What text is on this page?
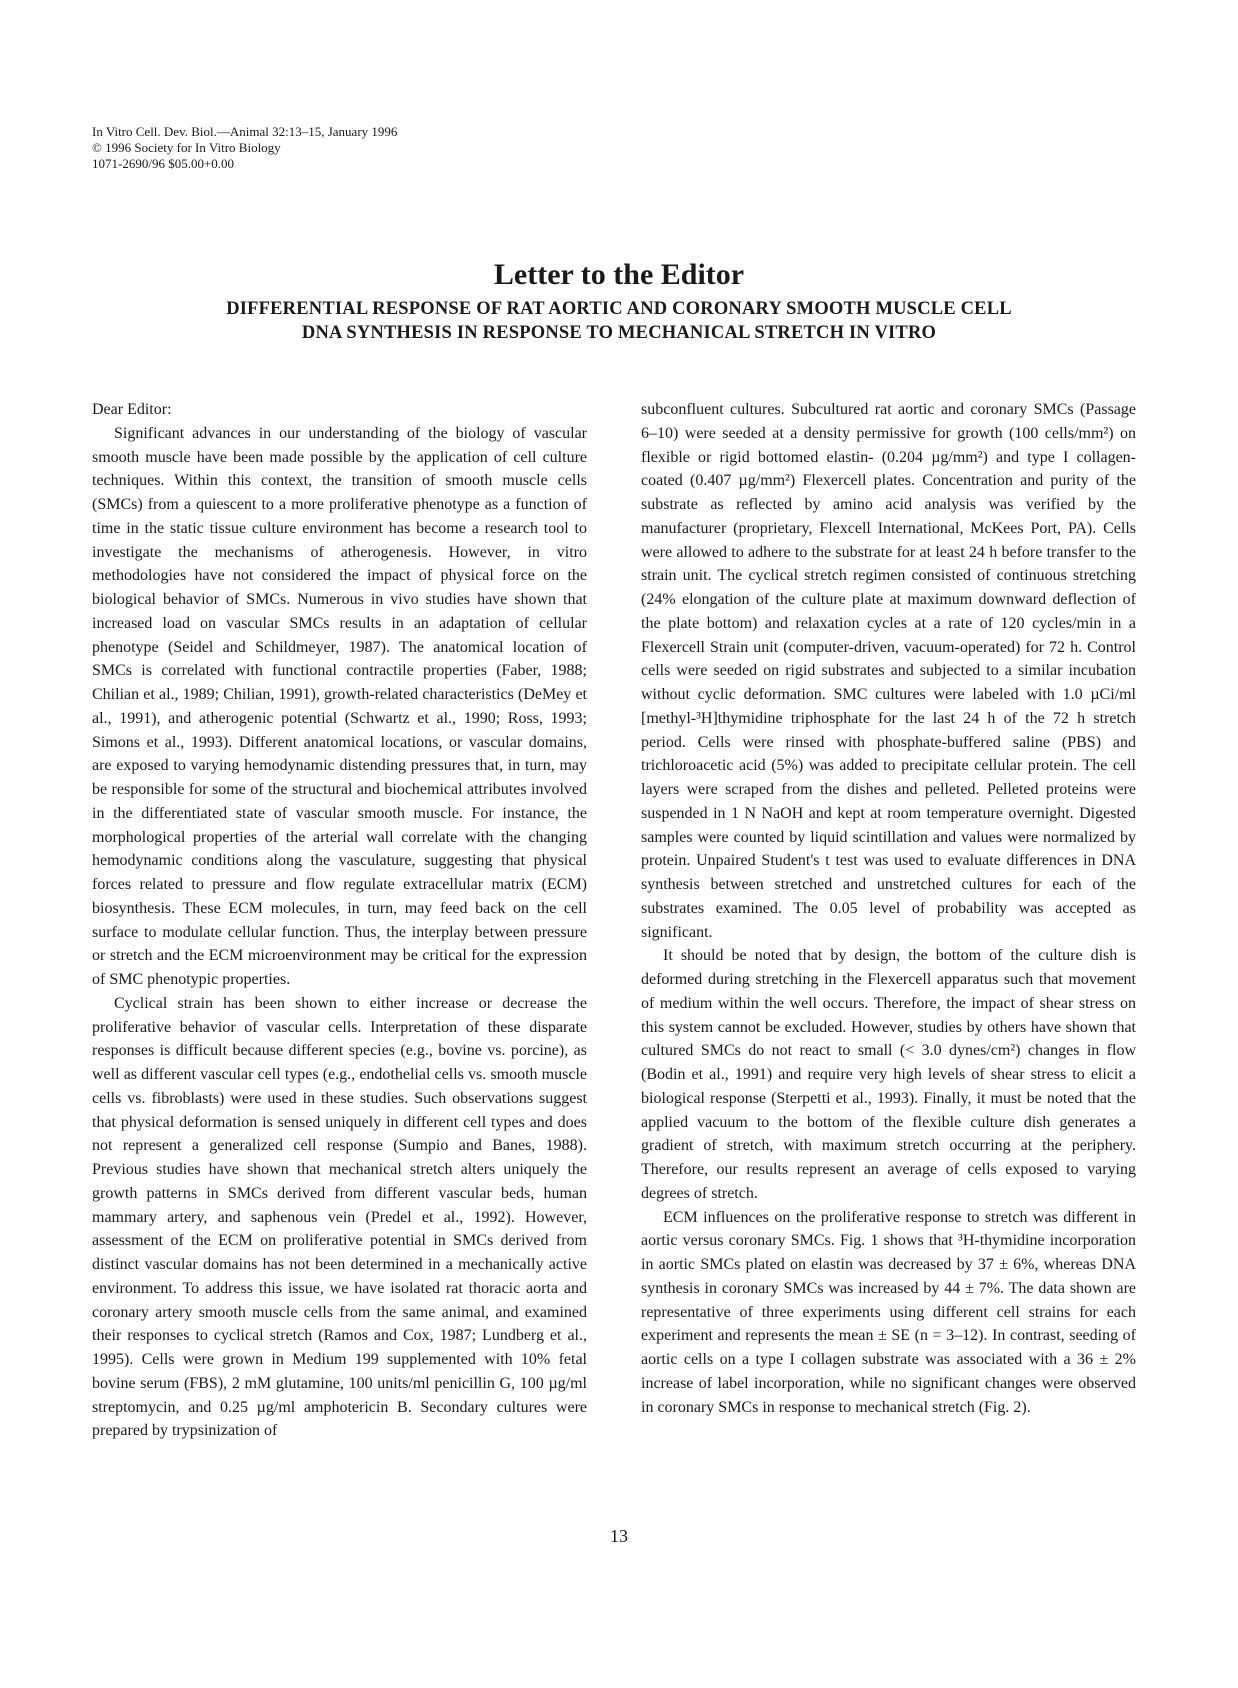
In Vitro Cell. Dev. Biol.—Animal 32:13–15, January 1996
© 1996 Society for In Vitro Biology
1071-2690/96 $05.00+0.00
Letter to the Editor
DIFFERENTIAL RESPONSE OF RAT AORTIC AND CORONARY SMOOTH MUSCLE CELL
DNA SYNTHESIS IN RESPONSE TO MECHANICAL STRETCH IN VITRO

Dear Editor:

Significant advances in our understanding of the biology of vascular smooth muscle have been made possible by the application of cell culture techniques. Within this context, the transition of smooth muscle cells (SMCs) from a quiescent to a more proliferative phenotype as a function of time in the static tissue culture environment has become a research tool to investigate the mechanisms of atherogenesis. However, in vitro methodologies have not considered the impact of physical force on the biological behavior of SMCs. Numerous in vivo studies have shown that increased load on vascular SMCs results in an adaptation of cellular phenotype (Seidel and Schildmeyer, 1987). The anatomical location of SMCs is correlated with functional contractile properties (Faber, 1988; Chilian et al., 1989; Chilian, 1991), growth-related characteristics (DeMey et al., 1991), and atherogenic potential (Schwartz et al., 1990; Ross, 1993; Simons et al., 1993). Different anatomical locations, or vascular domains, are exposed to varying hemodynamic distending pressures that, in turn, may be responsible for some of the structural and biochemical attributes involved in the differentiated state of vascular smooth muscle. For instance, the morphological properties of the arterial wall correlate with the changing hemodynamic conditions along the vasculature, suggesting that physical forces related to pressure and flow regulate extracellular matrix (ECM) biosynthesis. These ECM molecules, in turn, may feed back on the cell surface to modulate cellular function. Thus, the interplay between pressure or stretch and the ECM microenvironment may be critical for the expression of SMC phenotypic properties.

Cyclical strain has been shown to either increase or decrease the proliferative behavior of vascular cells. Interpretation of these disparate responses is difficult because different species (e.g., bovine vs. porcine), as well as different vascular cell types (e.g., endothelial cells vs. smooth muscle cells vs. fibroblasts) were used in these studies. Such observations suggest that physical deformation is sensed uniquely in different cell types and does not represent a generalized cell response (Sumpio and Banes, 1988). Previous studies have shown that mechanical stretch alters uniquely the growth patterns in SMCs derived from different vascular beds, human mammary artery, and saphenous vein (Predel et al., 1992). However, assessment of the ECM on proliferative potential in SMCs derived from distinct vascular domains has not been determined in a mechanically active environment. To address this issue, we have isolated rat thoracic aorta and coronary artery smooth muscle cells from the same animal, and examined their responses to cyclical stretch (Ramos and Cox, 1987; Lundberg et al., 1995). Cells were grown in Medium 199 supplemented with 10% fetal bovine serum (FBS), 2 mM glutamine, 100 units/ml penicillin G, 100 µg/ml streptomycin, and 0.25 µg/ml amphotericin B. Secondary cultures were prepared by trypsinization of

subconfluent cultures. Subcultured rat aortic and coronary SMCs (Passage 6–10) were seeded at a density permissive for growth (100 cells/mm²) on flexible or rigid bottomed elastin- (0.204 µg/mm²) and type I collagen-coated (0.407 µg/mm²) Flexercell plates. Concentration and purity of the substrate as reflected by amino acid analysis was verified by the manufacturer (proprietary, Flexcell International, McKees Port, PA). Cells were allowed to adhere to the substrate for at least 24 h before transfer to the strain unit. The cyclical stretch regimen consisted of continuous stretching (24% elongation of the culture plate at maximum downward deflection of the plate bottom) and relaxation cycles at a rate of 120 cycles/min in a Flexercell Strain unit (computer-driven, vacuum-operated) for 72 h. Control cells were seeded on rigid substrates and subjected to a similar incubation without cyclic deformation. SMC cultures were labeled with 1.0 µCi/ml [methyl-³H]thymidine triphosphate for the last 24 h of the 72 h stretch period. Cells were rinsed with phosphate-buffered saline (PBS) and trichloroacetic acid (5%) was added to precipitate cellular protein. The cell layers were scraped from the dishes and pelleted. Pelleted proteins were suspended in 1 N NaOH and kept at room temperature overnight. Digested samples were counted by liquid scintillation and values were normalized by protein. Unpaired Student's t test was used to evaluate differences in DNA synthesis between stretched and unstretched cultures for each of the substrates examined. The 0.05 level of probability was accepted as significant.

It should be noted that by design, the bottom of the culture dish is deformed during stretching in the Flexercell apparatus such that movement of medium within the well occurs. Therefore, the impact of shear stress on this system cannot be excluded. However, studies by others have shown that cultured SMCs do not react to small (< 3.0 dynes/cm²) changes in flow (Bodin et al., 1991) and require very high levels of shear stress to elicit a biological response (Sterpetti et al., 1993). Finally, it must be noted that the applied vacuum to the bottom of the flexible culture dish generates a gradient of stretch, with maximum stretch occurring at the periphery. Therefore, our results represent an average of cells exposed to varying degrees of stretch.

ECM influences on the proliferative response to stretch was different in aortic versus coronary SMCs. Fig. 1 shows that ³H-thymidine incorporation in aortic SMCs plated on elastin was decreased by 37 ± 6%, whereas DNA synthesis in coronary SMCs was increased by 44 ± 7%. The data shown are representative of three experiments using different cell strains for each experiment and represents the mean ± SE (n = 3–12). In contrast, seeding of aortic cells on a type I collagen substrate was associated with a 36 ± 2% increase of label incorporation, while no significant changes were observed in coronary SMCs in response to mechanical stretch (Fig. 2).

13
